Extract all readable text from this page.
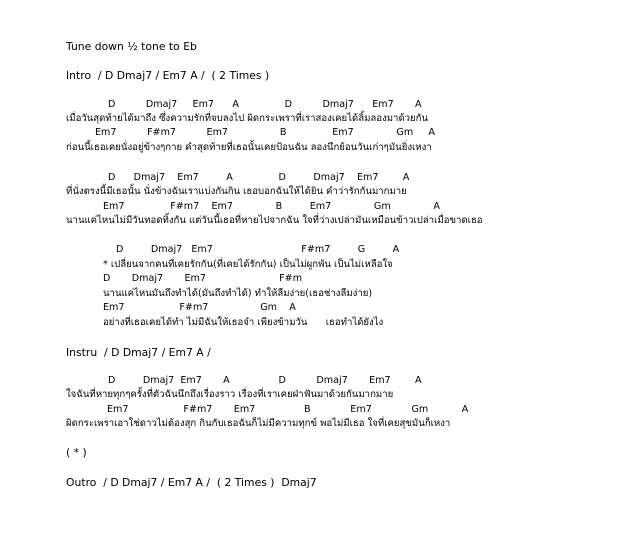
Tune down ½ tone to Eb
Intro  / D Dmaj7 / Em7 A /  ( 2 Times )
D          Dmaj7     Em7      A               D          Dmaj7      Em7       A
เมื่อวันสุดท้ายได้มาถึง ซึ่งความรักที่จบลงไป ผิดกระเพราที่เราสองเคยได้ลิ้มลองมาด้วยกัน
Em7          F#m7          Em7                 B               Em7              Gm     A
ก่อนนี้เธอเคยนั่งอยู่ข้างๆกาย คำสุดท้ายที่เธอนั้นเคยป้อนฉัน ลองนึกย้อนวันเก่าๆมันยิ่งเหงา
D      Dmaj7    Em7         A               D         Dmaj7    Em7        A
ที่นั่งตรงนี้มีเธอนั้น นั่งข้างฉันเราแบ่งกันกิน เธอบอกฉันให้ได้ยิน คำว่ารักกันมากมาย
Em7               F#m7    Em7              B         Em7              Gm              A
นานแค่ไหนไม่มีวันทอดทิ้งกัน แต่วันนี้เธอที่หายไปจากฉัน ใจที่ว่างเปล่ามันเหมือนข้าวเปล่าเมื่อขาดเธอ
D         Dmaj7   Em7                             F#m7         G         A
* เปลี่ยนจากคนที่เคยรักกัน(ที่เคยได้รักกัน) เป็นไม่ผูกพัน เป็นไม่เหลือใจ
D       Dmaj7       Em7                        F#m
นานแค่ไหนมันถึงทำได้(มันถึงทำได้) ทำให้ลืมง่าย(เธอช่างลืมง่าย)
Em7                  F#m7                 Gm    A
อย่างที่เธอเคยได้ทำ ไม่มีฉันให้เธอจำ เพียงข้ามวัน      เธอทำได้ยังไง
Instru  / D Dmaj7 / Em7 A /
D         Dmaj7  Em7       A                D          Dmaj7       Em7        A
ใจฉันที่หายทุกๆครั้งที่ตัวฉันนึกถึงเรื่องราว เรื่องที่เราเคยฝ่าฟันมาด้วยกันมากมาย
Em7                  F#m7       Em7                B             Em7             Gm           A
ผิดกระเพราเอาใช่ดาวไม่ต้องสุก กินกับเธอฉันก็ไม่มีความทุกข์ พอไม่มีเธอ ใจที่เคยสุขมันก็เหงา
( * )
Outro  / D Dmaj7 / Em7 A /  ( 2 Times )  Dmaj7
